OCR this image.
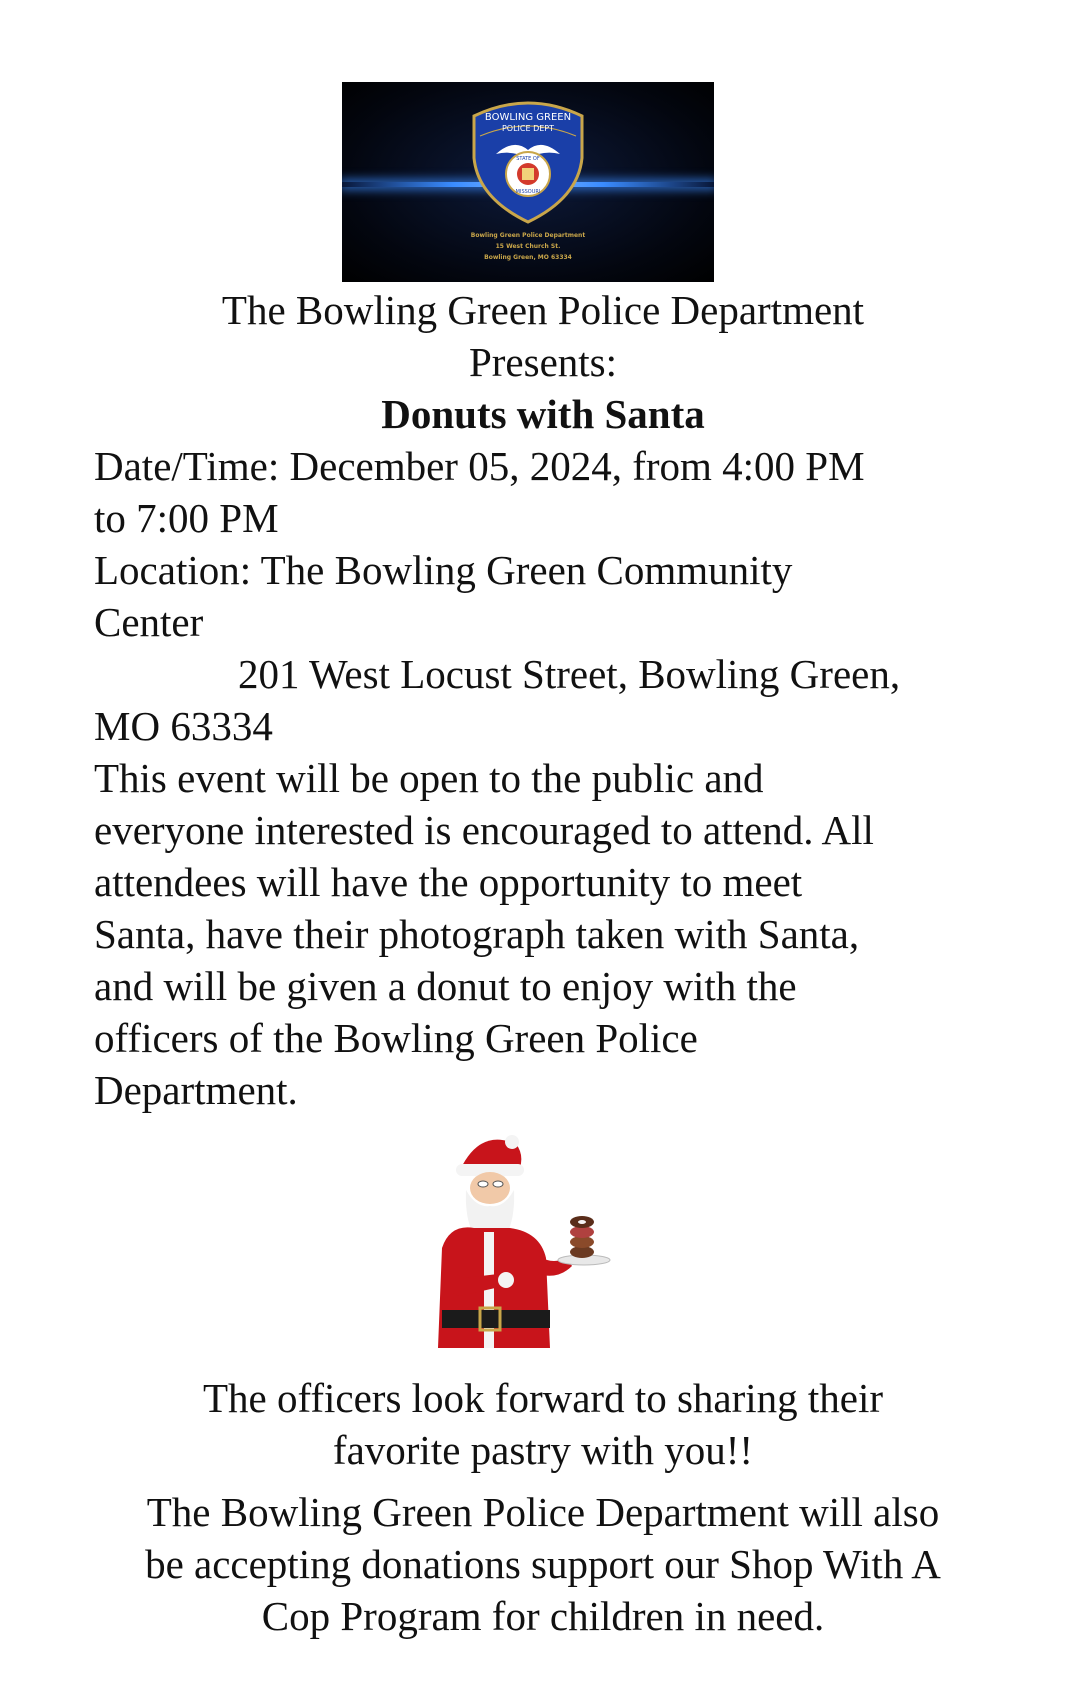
BOWLING GREEN
POLICE DEPT
STATE OF
MISSOURI
Bowling Green Police Department
15 West Church St.
Bowling Green, MO 63334
The Bowling Green Police Department
Presents:
Donuts with Santa
Date/Time: December 05, 2024, from 4:00 PM
to 7:00 PM
Location: The Bowling Green Community
Center
201 West Locust Street, Bowling Green,
MO 63334
This event will be open to the public and
everyone interested is encouraged to attend. All
attendees will have the opportunity to meet
Santa, have their photograph taken with Santa,
and will be given a donut to enjoy with the
officers of the Bowling Green Police
Department.
The officers look forward to sharing their
favorite pastry with you!!
The Bowling Green Police Department will also
be accepting donations support our Shop With A
Cop Program for children in need.
